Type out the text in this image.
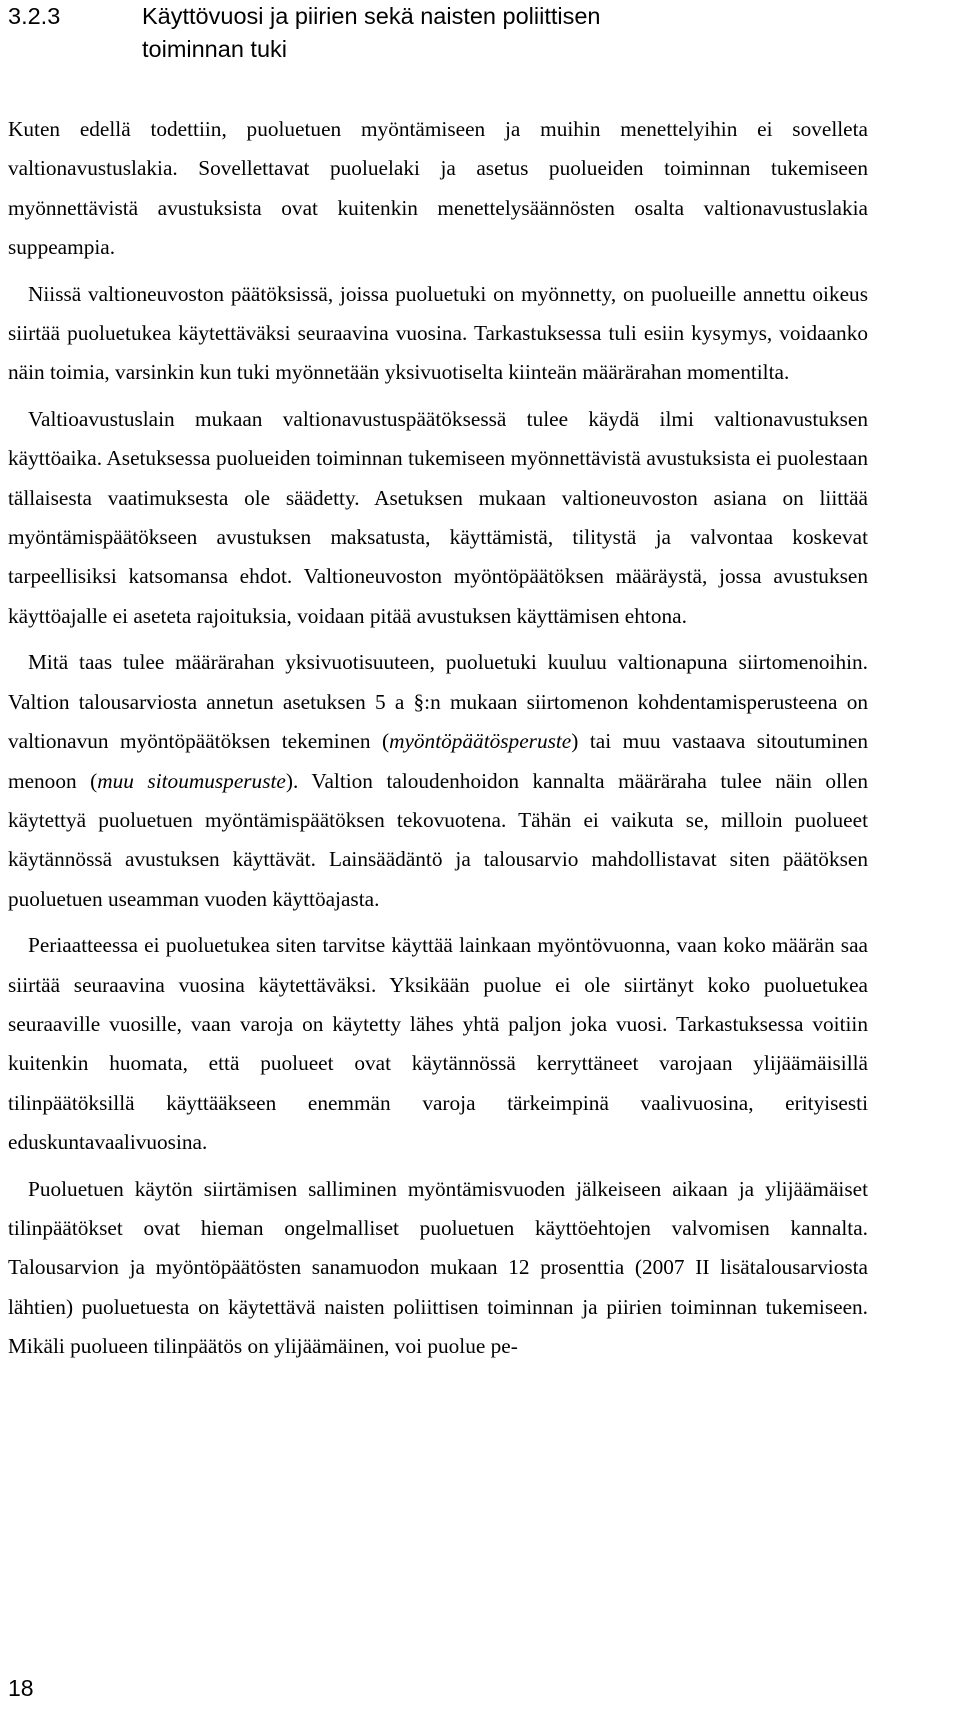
3.2.3	Käyttövuosi ja piirien sekä naisten poliittisen
toiminnan tuki

Kuten edellä todettiin, puoluetuen myöntämiseen ja muihin menettelyihin ei sovelleta valtionavustuslakia. Sovellettavat puoluelaki ja asetus puolueiden toiminnan tukemiseen myönnettävistä avustuksista ovat kuitenkin menettelysäännösten osalta valtionavustuslakia suppeampia.

Niissä valtioneuvoston päätöksissä, joissa puoluetuki on myönnetty, on puolueille annettu oikeus siirtää puoluetukea käytettäväksi seuraavina vuosina. Tarkastuksessa tuli esiin kysymys, voidaanko näin toimia, varsinkin kun tuki myönnetään yksivuotiselta kiinteän määrärahan momentilta.

Valtioavustuslain mukaan valtionavustuspäätöksessä tulee käydä ilmi valtionavustuksen käyttöaika. Asetuksessa puolueiden toiminnan tukemiseen myönnettävistä avustuksista ei puolestaan tällaisesta vaatimuksesta ole säädetty. Asetuksen mukaan valtioneuvoston asiana on liittää myöntämispäätökseen avustuksen maksatusta, käyttämistä, tilitystä ja valvontaa koskevat tarpeellisiksi katsomansa ehdot. Valtioneuvoston myöntöpäätöksen määräystä, jossa avustuksen käyttöajalle ei aseteta rajoituksia, voidaan pitää avustuksen käyttämisen ehtona.

Mitä taas tulee määrärahan yksivuotisuuteen, puoluetuki kuuluu valtionapuna siirtomenoihin. Valtion talousarviosta annetun asetuksen 5 a §:n mukaan siirtomenon kohdentamisperusteena on valtionavun myöntöpäätöksen tekeminen (myöntöpäätösperuste) tai muu vastaava sitoutuminen menoon (muu sitoumusperuste). Valtion taloudenhoidon kannalta määräraha tulee näin ollen käytettyä puoluetuen myöntämispäätöksen tekovuotena. Tähän ei vaikuta se, milloin puolueet käytännössä avustuksen käyttävät. Lainsäädäntö ja talousarvio mahdollistavat siten päätöksen puoluetuen useamman vuoden käyttöajasta.

Periaatteessa ei puoluetukea siten tarvitse käyttää lainkaan myöntövuonna, vaan koko määrän saa siirtää seuraavina vuosina käytettäväksi. Yksikään puolue ei ole siirtänyt koko puoluetukea seuraaville vuosille, vaan varoja on käytetty lähes yhtä paljon joka vuosi. Tarkastuksessa voitiin kuitenkin huomata, että puolueet ovat käytännössä kerryttäneet varojaan ylijäämäisillä tilinpäätöksillä käyttääkseen enemmän varoja tärkeimpinä vaalivuosina, erityisesti eduskuntavaalivuosina.

Puoluetuen käytön siirtämisen salliminen myöntämisvuoden jälkeiseen aikaan ja ylijäämäiset tilinpäätökset ovat hieman ongelmalliset puoluetuen käyttöehtojen valvomisen kannalta. Talousarvion ja myöntöpäätösten sanamuodon mukaan 12 prosenttia (2007 II lisätalousarviosta lähtien) puoluetuesta on käytettävä naisten poliittisen toiminnan ja piirien toiminnan tukemiseen. Mikäli puolueen tilinpäätös on ylijäämäinen, voi puolue pe-

18
